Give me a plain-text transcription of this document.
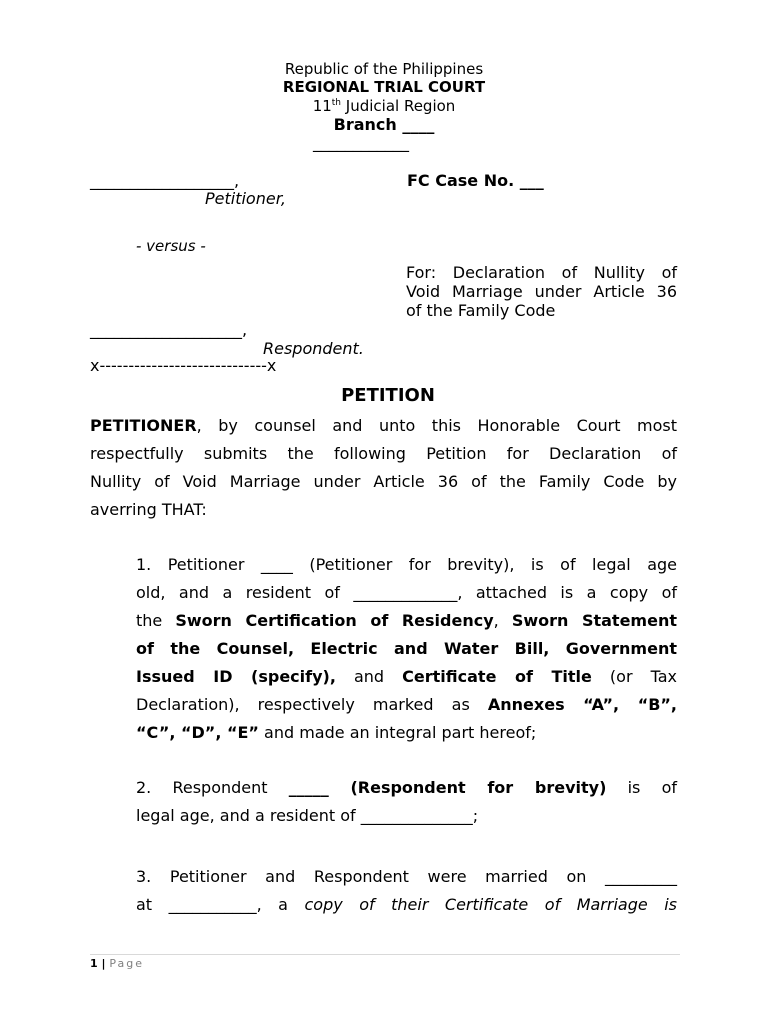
Republic of the Philippines
REGIONAL TRIAL COURT
11th Judicial Region
Branch ____
____________
__________________,
Petitioner,
FC Case No. ___
- versus -
For: Declaration of Nullity of
Void Marriage under Article 36
of the Family Code
___________________,
Respondent.
x-----------------------------x
PETITION
PETITIONER, by counsel and unto this Honorable Court most
respectfully submits the following Petition for Declaration of
Nullity of Void Marriage under Article 36 of the Family Code by
averring THAT:
1. Petitioner ____ (Petitioner for brevity), is of legal age
old, and a resident of _____________, attached is a copy of
the Sworn Certification of Residency, Sworn Statement
of the Counsel, Electric and Water Bill, Government
Issued ID (specify), and Certificate of Title (or Tax
Declaration), respectively marked as Annexes “A”, “B”,
“C”, “D”, “E” and made an integral part hereof;
2. Respondent _____ (Respondent for brevity) is of
legal age, and a resident of ______________;
3. Petitioner and Respondent were married on _________
at ___________, a copy of their Certificate of Marriage is
1 | Page
